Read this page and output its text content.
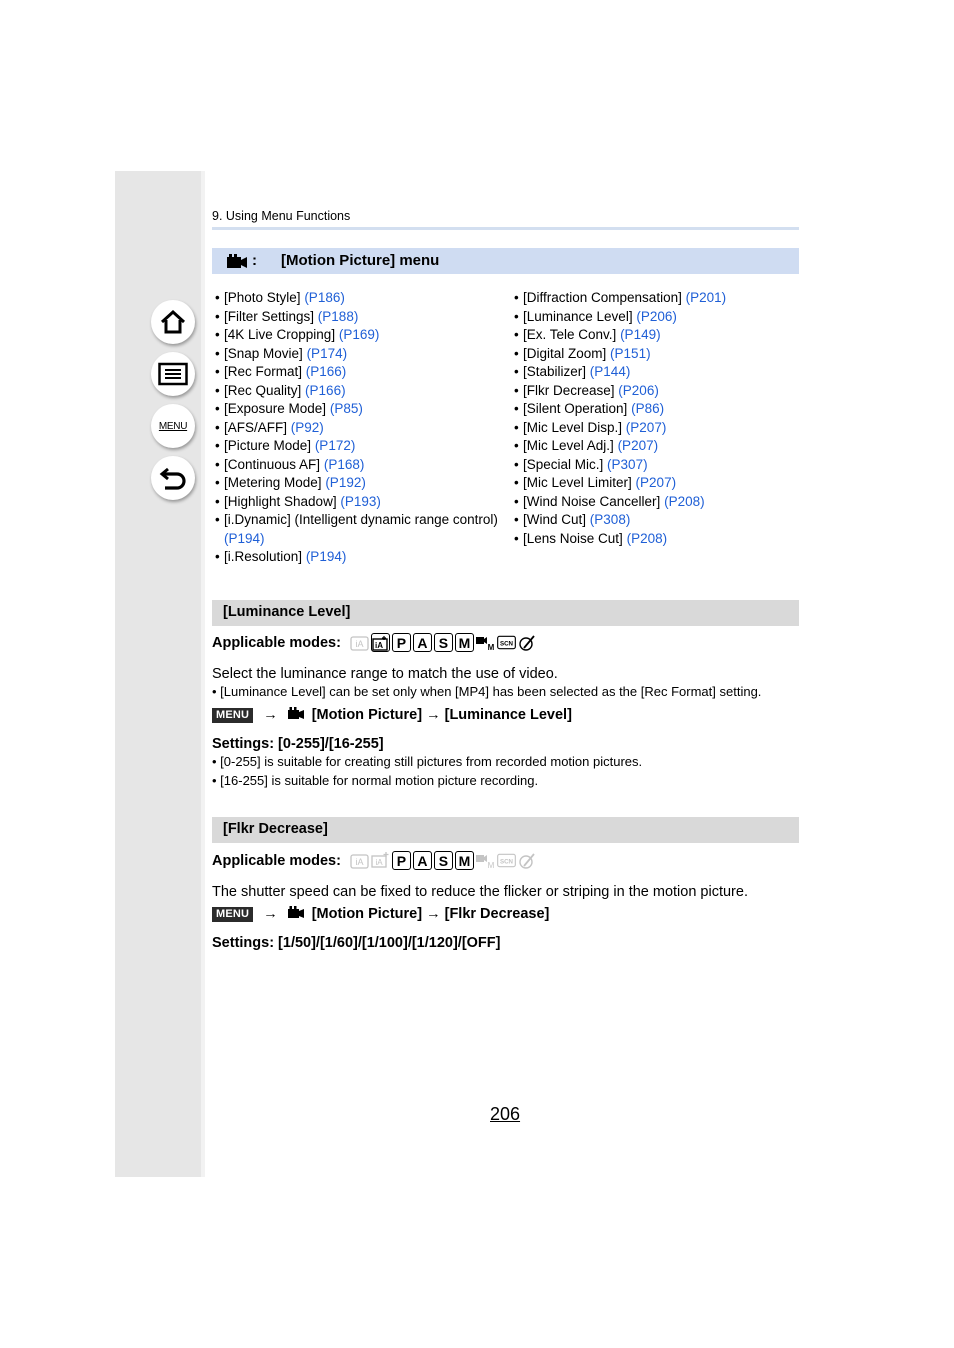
MENU
9. Using Menu Functions
: [Motion Picture] menu
• [Photo Style] (P186)
• [Filter Settings] (P188)
• [4K Live Cropping] (P169)
• [Snap Movie] (P174)
• [Rec Format] (P166)
• [Rec Quality] (P166)
• [Exposure Mode] (P85)
• [AFS/AFF] (P92)
• [Picture Mode] (P172)
• [Continuous AF] (P168)
• [Metering Mode] (P192)
• [Highlight Shadow] (P193)
• [i.Dynamic] (Intelligent dynamic range control) (P194)
• [i.Resolution] (P194)
• [Diffraction Compensation] (P201)
• [Luminance Level] (P206)
• [Ex. Tele Conv.] (P149)
• [Digital Zoom] (P151)
• [Stabilizer] (P144)
• [Flkr Decrease] (P206)
• [Silent Operation] (P86)
• [Mic Level Disp.] (P207)
• [Mic Level Adj.] (P207)
• [Special Mic.] (P307)
• [Mic Level Limiter] (P207)
• [Wind Noise Canceller] (P208)
• [Wind Cut] (P308)
• [Lens Noise Cut] (P208)
[Luminance Level]
Applicable modes: iA iA P A S M	M SCN
Select the luminance range to match the use of video.
• [Luminance Level] can be set only when [MP4] has been selected as the [Rec Format] setting.
MENU → [Motion Picture] → [Luminance Level]
Settings: [0-255]/[16-255]
• [0-255] is suitable for creating still pictures from recorded motion pictures.
• [16-255] is suitable for normal motion picture recording.
[Flkr Decrease]
Applicable modes: iA iA	P A S M	M SCN
The shutter speed can be fixed to reduce the flicker or striping in the motion picture.
MENU → [Motion Picture] → [Flkr Decrease]
Settings: [1/50]/[1/60]/[1/100]/[1/120]/[OFF]
206
